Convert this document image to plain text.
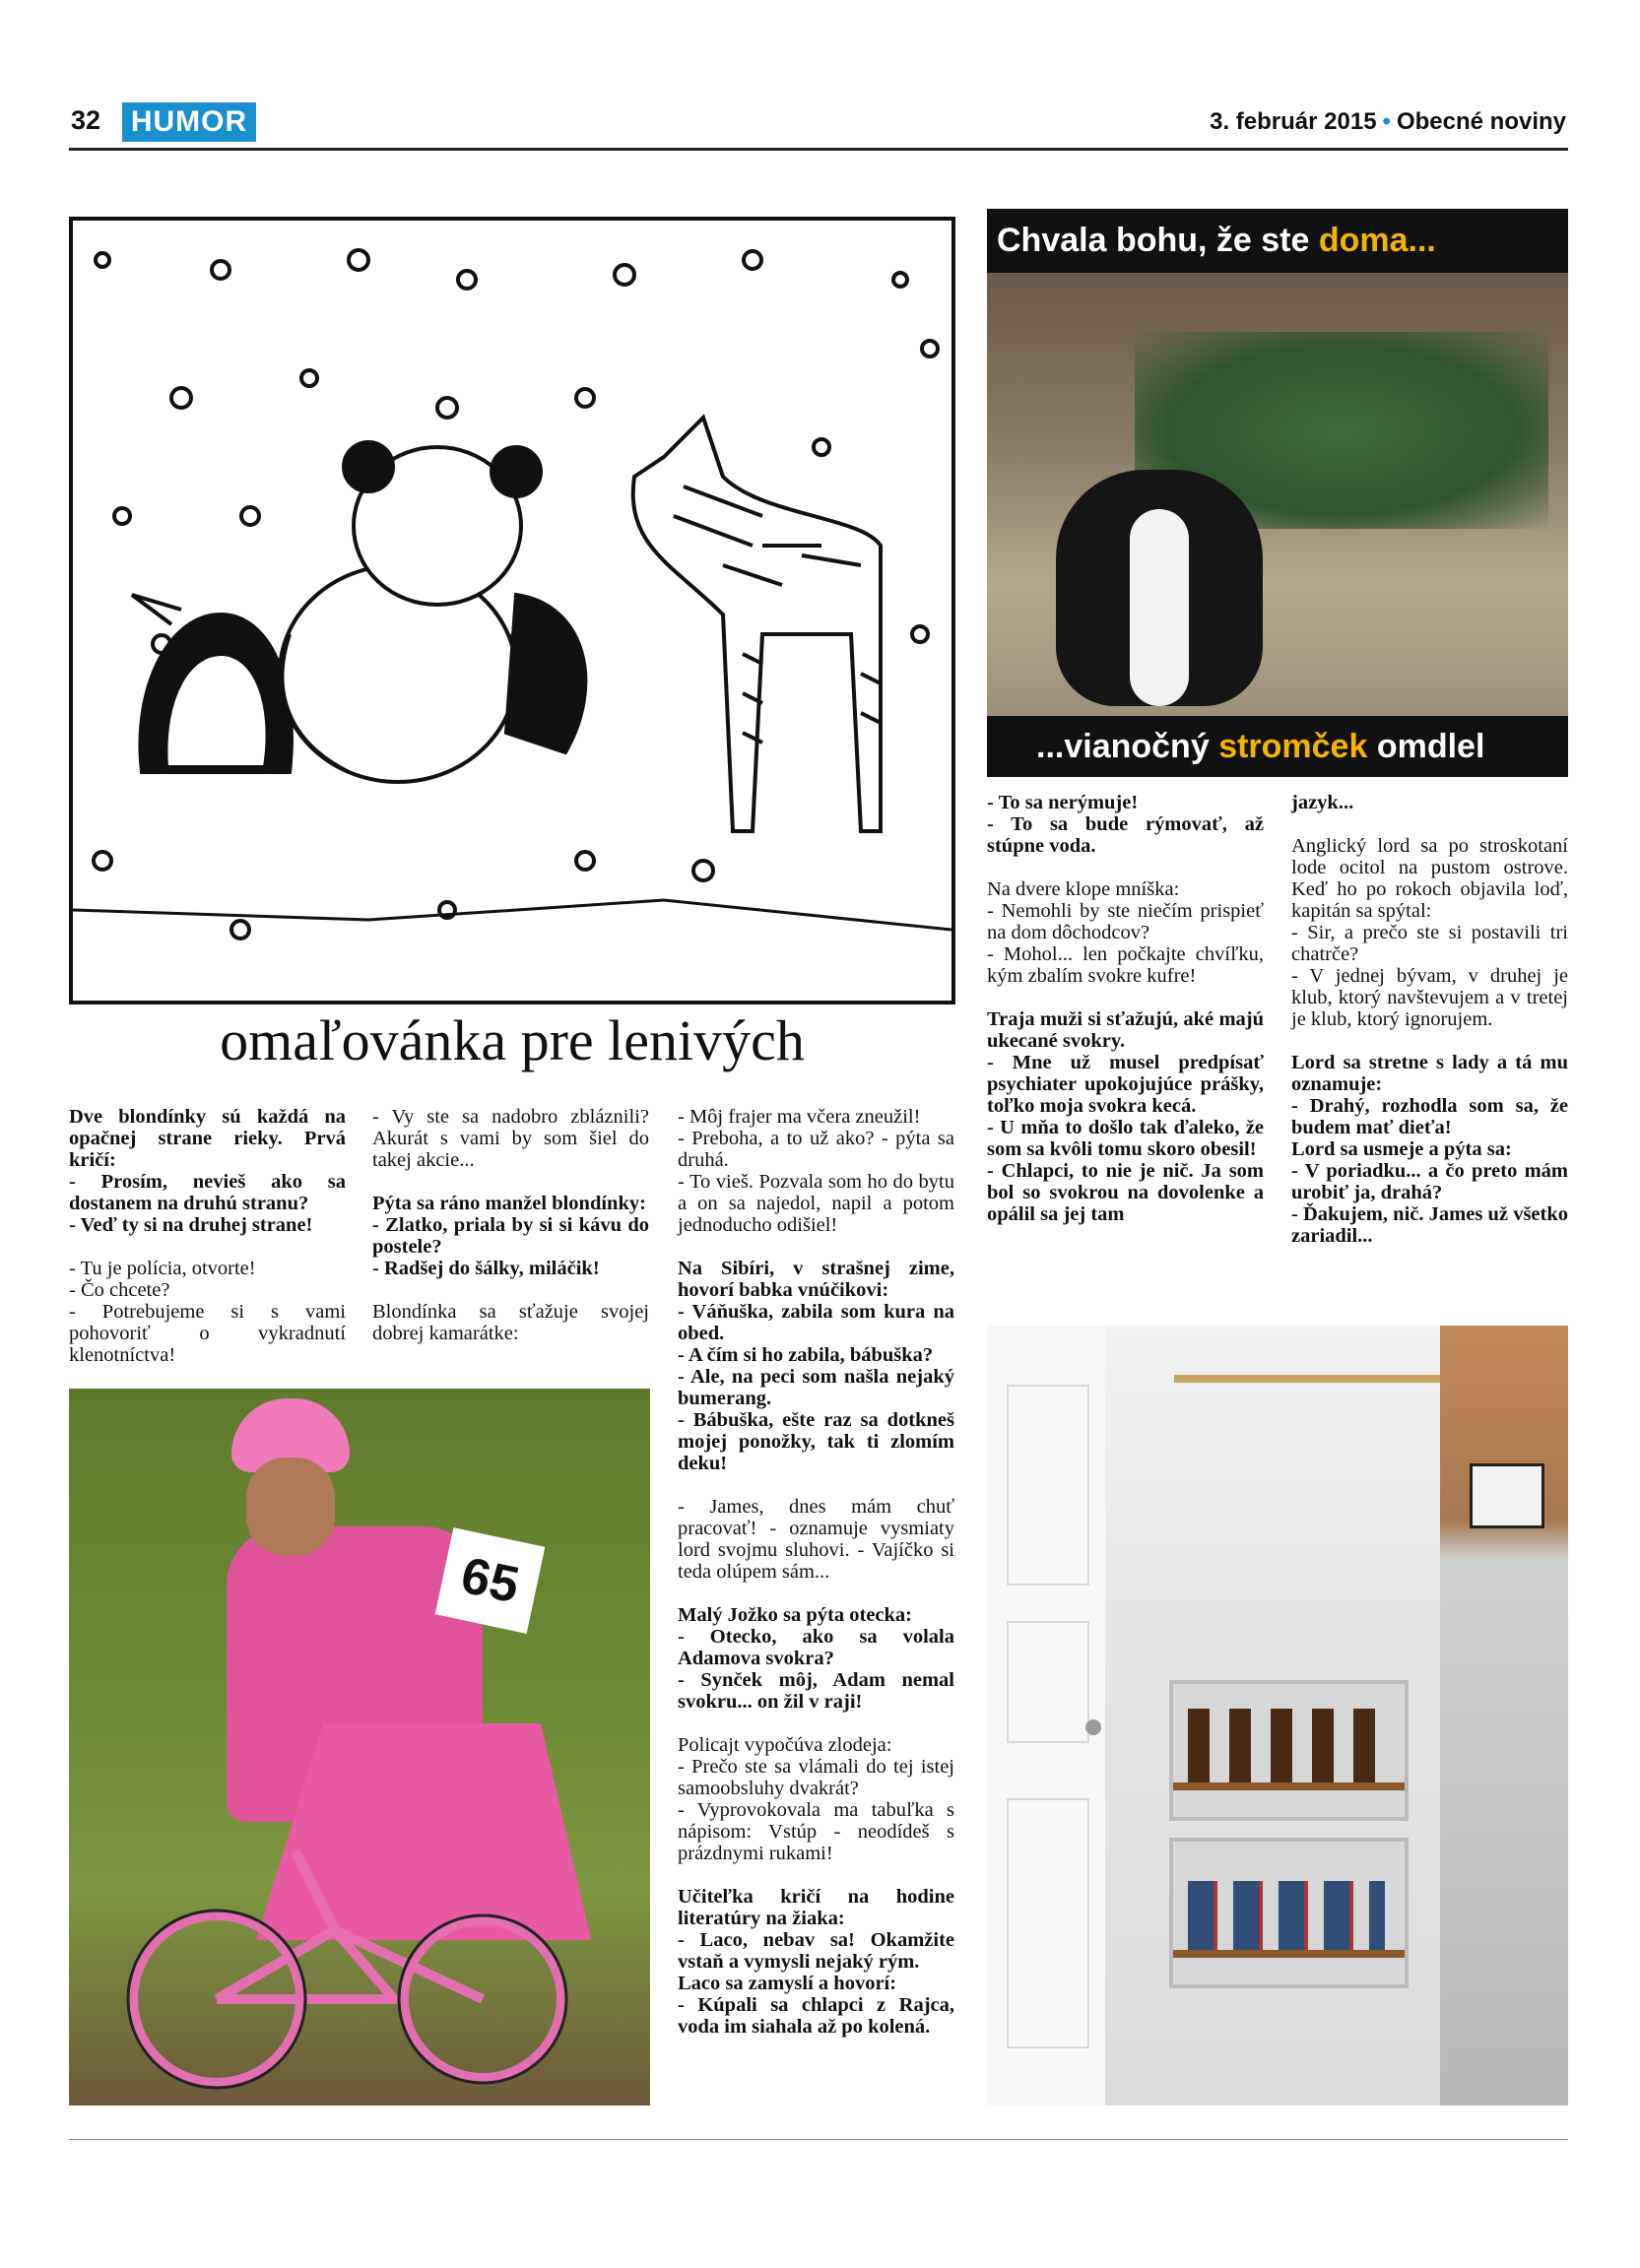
32 HUMOR	3. február 2015 • Obecné noviny
omaľovánka pre lenivých
Chvala bohu, že ste doma...
...vianočný stromček omdlel

Dve blondínky sú každá na opačnej strane rieky. Prvá kričí:
- Prosím, nevieš ako sa dostanem na druhú stranu?
- Veď ty si na druhej strane!

- Tu je polícia, otvorte!
- Čo chcete?
- Potrebujeme si s vami pohovoriť o vykradnutí klenotníctva!

- Vy ste sa nadobro zbláznili? Akurát s vami by som šiel do takej akcie...

Pýta sa ráno manžel blondínky:
- Zlatko, priala by si si kávu do postele?
- Radšej do šálky, miláčik!

Blondínka sa sťažuje svojej dobrej kamarátke:

65

- Môj frajer ma včera zneužil!
- Preboha, a to už ako? - pýta sa druhá.
- To vieš. Pozvala som ho do bytu a on sa najedol, napil a potom jednoducho odišiel!

Na Sibíri, v strašnej zime, hovorí babka vnúčikovi:
- Váňuška, zabila som kura na obed.
- A čím si ho zabila, bábuška?
- Ale, na peci som našla nejaký bumerang.
- Bábuška, ešte raz sa dotkneš mojej ponožky, tak ti zlomím deku!

- James, dnes mám chuť pracovať! - oznamuje vysmiaty lord svojmu sluhovi. - Vajíčko si teda olúpem sám...

Malý Jožko sa pýta otecka:
- Otecko, ako sa volala Adamova svokra?
- Synček môj, Adam nemal svokru... on žil v raji!

Policajt vypočúva zlodeja:
- Prečo ste sa vlámali do tej istej samoobsluhy dvakrát?
- Vyprovokovala ma tabuľka s nápisom: Vstúp - neodídeš s prázdnymi rukami!

Učiteľka kričí na hodine literatúry na žiaka:
- Laco, nebav sa! Okamžite vstaň a vymysli nejaký rým.
Laco sa zamyslí a hovorí:
- Kúpali sa chlapci z Rajca, voda im siahala až po kolená.

- To sa nerýmuje!
- To sa bude rýmovať, až stúpne voda.

Na dvere klope mníška:
- Nemohli by ste niečím prispieť na dom dôchodcov?
- Mohol... len počkajte chvíľku, kým zbalím svokre kufre!

Traja muži si sťažujú, aké majú ukecané svokry.
- Mne už musel predpísať psychiater upokojujúce prášky, toľko moja svokra kecá.
- U mňa to došlo tak ďaleko, že som sa kvôli tomu skoro obesil!
- Chlapci, to nie je nič. Ja som bol so svokrou na dovolenke a opálil sa jej tam

jazyk...

Anglický lord sa po stroskotaní lode ocitol na pustom ostrove. Keď ho po rokoch objavila loď, kapitán sa spýtal:
- Sir, a prečo ste si postavili tri chatrče?
- V jednej bývam, v druhej je klub, ktorý navštevujem a v tretej je klub, ktorý ignorujem.

Lord sa stretne s lady a tá mu oznamuje:
- Drahý, rozhodla som sa, že budem mať dieťa!
Lord sa usmeje a pýta sa:
- V poriadku... a čo preto mám urobiť ja, drahá?
- Ďakujem, nič. James už všetko zariadil...
